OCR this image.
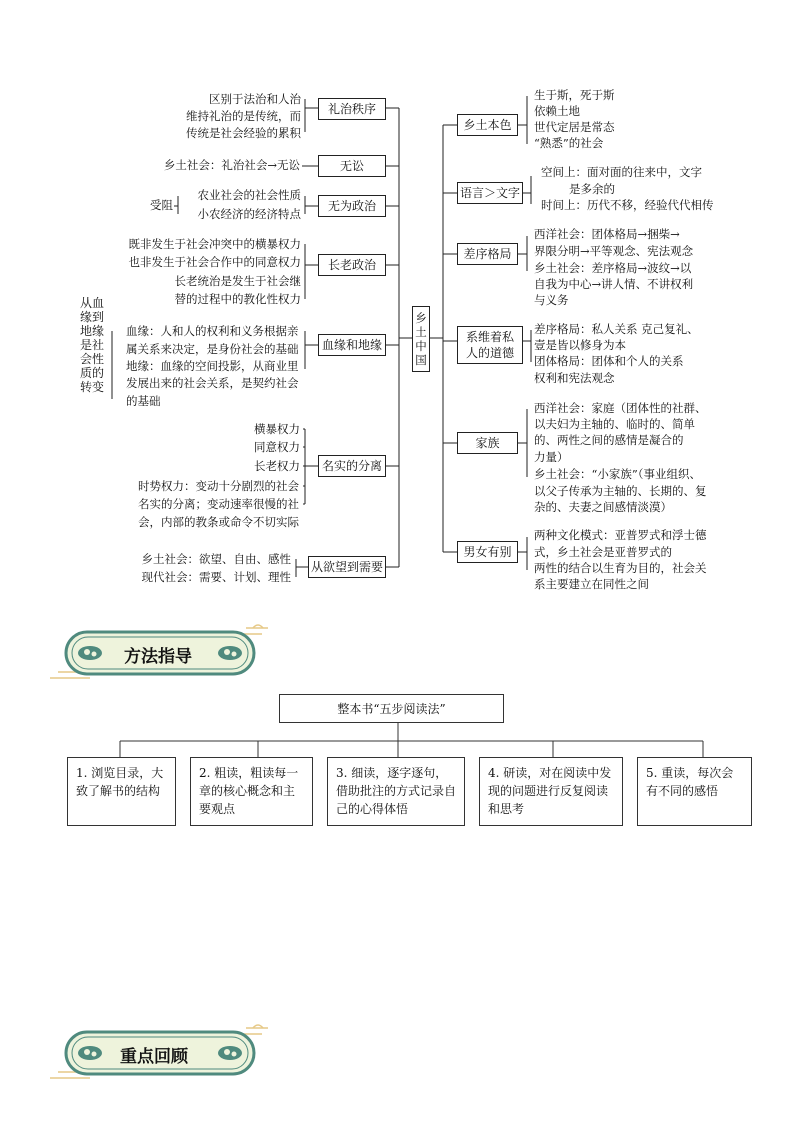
乡土中国
从血缘到地缘是社会性质的转变
礼治秩序
区别于法治和人治
维持礼治的是传统，而
传统是社会经验的累积
无讼
乡土社会：礼治社会→无讼
无为政治
农业社会的社会性质
小农经济的经济特点
受阻
长老政治
既非发生于社会冲突中的横暴权力
也非发生于社会合作中的同意权力
长老统治是发生于社会继
替的过程中的教化性权力
血缘和地缘
血缘：人和人的权利和义务根据亲
属关系来决定，是身份社会的基础
地缘：血缘的空间投影，从商业里
发展出来的社会关系，是契约社会
的基础
名实的分离
横暴权力
同意权力
长老权力
时势权力：变动十分剧烈的社会
名实的分离；变动速率很慢的社
会，内部的教条或命令不切实际
从欲望到需要
乡土社会：欲望、自由、感性
现代社会：需要、计划、理性
乡土本色
生于斯，死于斯
依赖土地
世代定居是常态
“熟悉”的社会
语言＞文字
空间上：面对面的往来中，文字
是多余的
时间上：历代不移，经验代代相传
差序格局
西洋社会：团体格局→捆柴→
界限分明→平等观念、宪法观念
乡土社会：差序格局→波纹→以
自我为中心→讲人情、不讲权利
与义务
系维着私
人的道德
差序格局：私人关系 克己复礼、
壹是皆以修身为本
团体格局：团体和个人的关系
权利和宪法观念
家族
西洋社会：家庭（团体性的社群、
以夫妇为主轴的、临时的、简单
的、两性之间的感情是凝合的
力量）
乡土社会：“小家族”（事业组织、
以父子传承为主轴的、长期的、复
杂的、夫妻之间感情淡漠）
男女有别
两种文化模式：亚普罗式和浮士德
式，乡土社会是亚普罗式的
两性的结合以生育为目的，社会关
系主要建立在同性之间
方法指导
整本书“五步阅读法”
1. 浏览目录，大致了解书的结构
2. 粗读，粗读每一章的核心概念和主要观点
3. 细读，逐字逐句，借助批注的方式记录自己的心得体悟
4. 研读，对在阅读中发现的问题进行反复阅读和思考
5. 重读，每次会有不同的感悟
重点回顾
